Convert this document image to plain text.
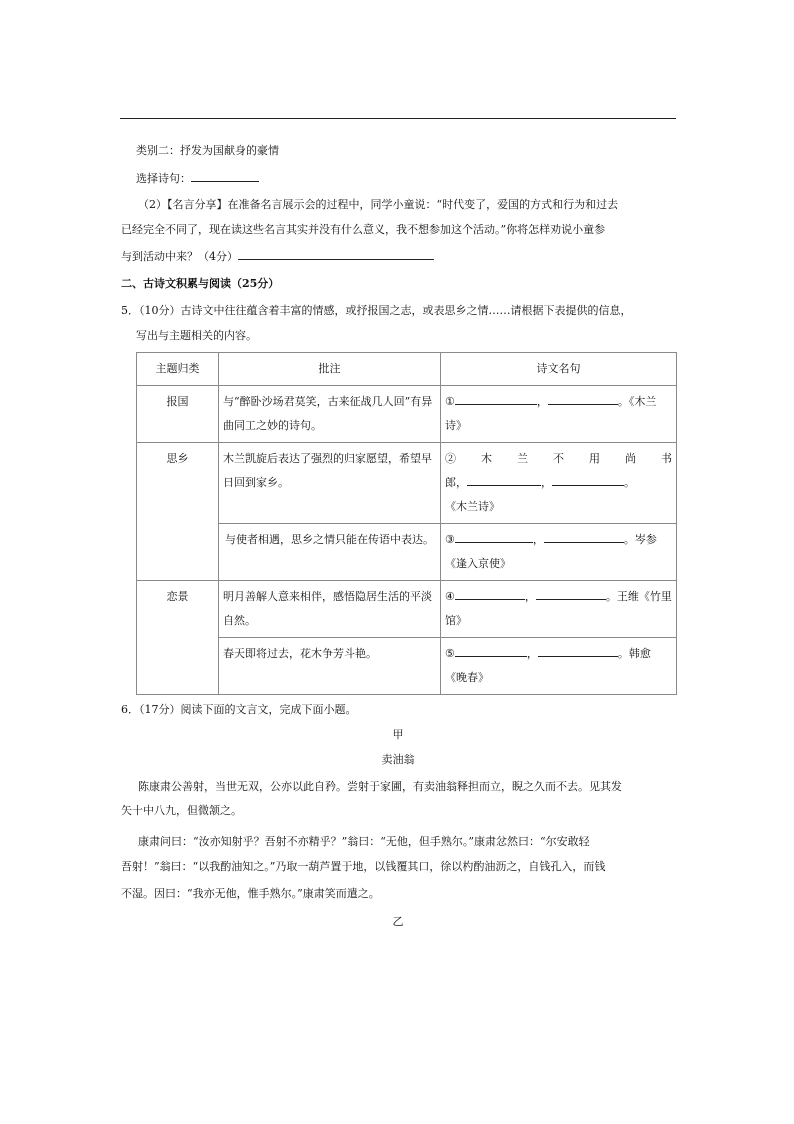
类别二：抒发为国献身的豪情
选择诗句：
（2）【名言分享】在准备名言展示会的过程中，同学小童说：“时代变了，爱国的方式和行为和过去
已经完全不同了，现在读这些名言其实并没有什么意义，我不想参加这个活动。”你将怎样劝说小童参
与到活动中来？（4分）
二、古诗文积累与阅读（25分）
5．（10分）古诗文中往往蕴含着丰富的情感，或抒报国之志，或表思乡之情……请根据下表提供的信息，
写出与主题相关的内容。
主题归类	批注	诗文名句
报国	与“醉卧沙场君莫笑，古来征战几人回”有异曲同工之妙的诗句。	① ， 。《木兰诗》
思乡	木兰凯旋后表达了强烈的归家愿望，希望早日回到家乡。	② 木 兰 不 用 尚 书
郎， ， 。
《木兰诗》

	与使者相遇，思乡之情只能在传语中表达。	③ ， 。岑参《逢入京使》
恋景	明月善解人意来相伴，感悟隐居生活的平淡自然。	④ ， 。王维《竹里馆》
	春天即将过去，花木争芳斗艳。	⑤ ， 。韩愈《晚春》
6．（17分）阅读下面的文言文，完成下面小题。
甲
卖油翁
陈康肃公善射，当世无双，公亦以此自矜。尝射于家圃，有卖油翁释担而立，睨之久而不去。见其发
矢十中八九，但微颔之。
康肃问曰：“汝亦知射乎？吾射不亦精乎？”翁曰：“无他，但手熟尔。”康肃忿然曰：“尔安敢轻
吾射！”翁曰：“以我酌油知之。”乃取一葫芦置于地，以钱覆其口，徐以杓酌油沥之，自钱孔入，而钱
不湿。因曰：“我亦无他，惟手熟尔。”康肃笑而遣之。
乙
